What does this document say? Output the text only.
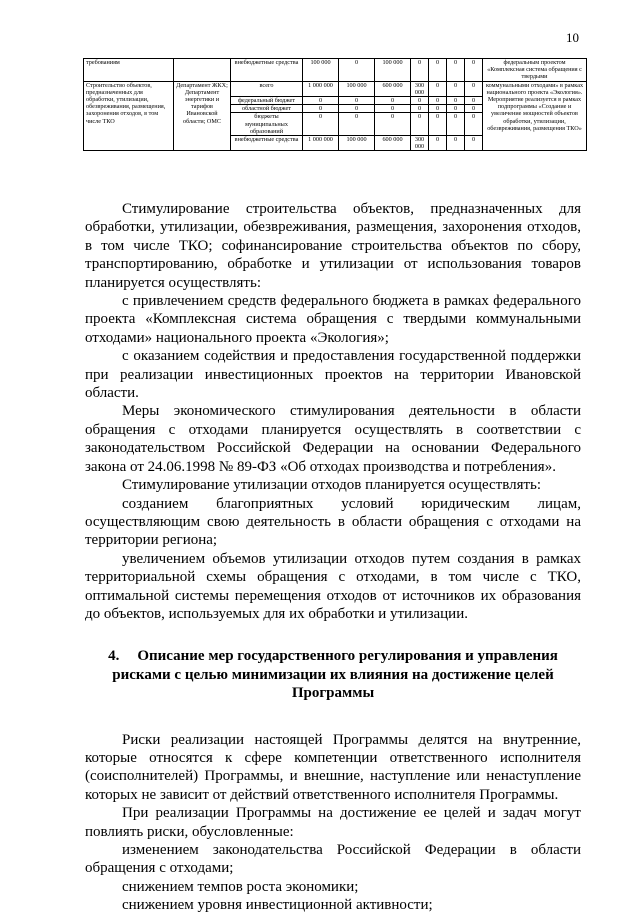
10
требованиям		внебюджетные средства	100 000	0	100 000	0	0	0	0	федеральным проектом «Комплексная система обращения с твердыми
Строительство объектов, предназначенных для обработки, утилизации, обезвреживания, размещения, захоронения отходов, в том числе ТКО	Департамент ЖКХ; Департамент энергетики и тарифов Ивановской области; ОМС	всего	1 000 000	100 000	600 000	300 000	0	0	0	коммунальными отходами» в рамках национального проекта «Экология». Мероприятие реализуется в рамках подпрограммы «Создание и увеличение мощностей объектов обработки, утилизации, обезвреживания, размещения ТКО»
		федеральный бюджет	0	0	0	0	0	0	0	
		областной бюджет	0	0	0	0	0	0	0	
		бюджеты муниципальных образований	0	0	0	0	0	0	0	
		внебюджетные средства	1 000 000	100 000	600 000	300 000	0	0	0	

Стимулирование строительства объектов, предназначенных для обработки, утилизации, обезвреживания, размещения, захоронения отходов, в том числе ТКО; софинансирование строительства объектов по сбору, транспортированию, обработке и утилизации от использования товаров планируется осуществлять:

с привлечением средств федерального бюджета в рамках федерального проекта «Комплексная система обращения с твердыми коммунальными отходами» национального проекта «Экология»;

с оказанием содействия и предоставления государственной поддержки при реализации инвестиционных проектов на территории Ивановской области.

Меры экономического стимулирования деятельности в области обращения с отходами планируется осуществлять в соответствии с законодательством Российской Федерации на основании Федерального закона от 24.06.1998 № 89-ФЗ «Об отходах производства и потребления».

Стимулирование утилизации отходов планируется осуществлять:

созданием благоприятных условий юридическим лицам, осуществляющим свою деятельность в области обращения с отходами на территории региона;

увеличением объемов утилизации отходов путем создания в рамках территориальной схемы обращения с отходами, в том числе с ТКО, оптимальной системы перемещения отходов от источников их образования до объектов, используемых для их обработки и утилизации.

4. Описание мер государственного регулирования и управления рисками с целью минимизации их влияния на достижение целей Программы

Риски реализации настоящей Программы делятся на внутренние, которые относятся к сфере компетенции ответственного исполнителя (соисполнителей) Программы, и внешние, наступление или ненаступление которых не зависит от действий ответственного исполнителя Программы.

При реализации Программы на достижение ее целей и задач могут повлиять риски, обусловленные:

изменением законодательства Российской Федерации в области обращения с отходами;

снижением темпов роста экономики;

снижением уровня инвестиционной активности;
